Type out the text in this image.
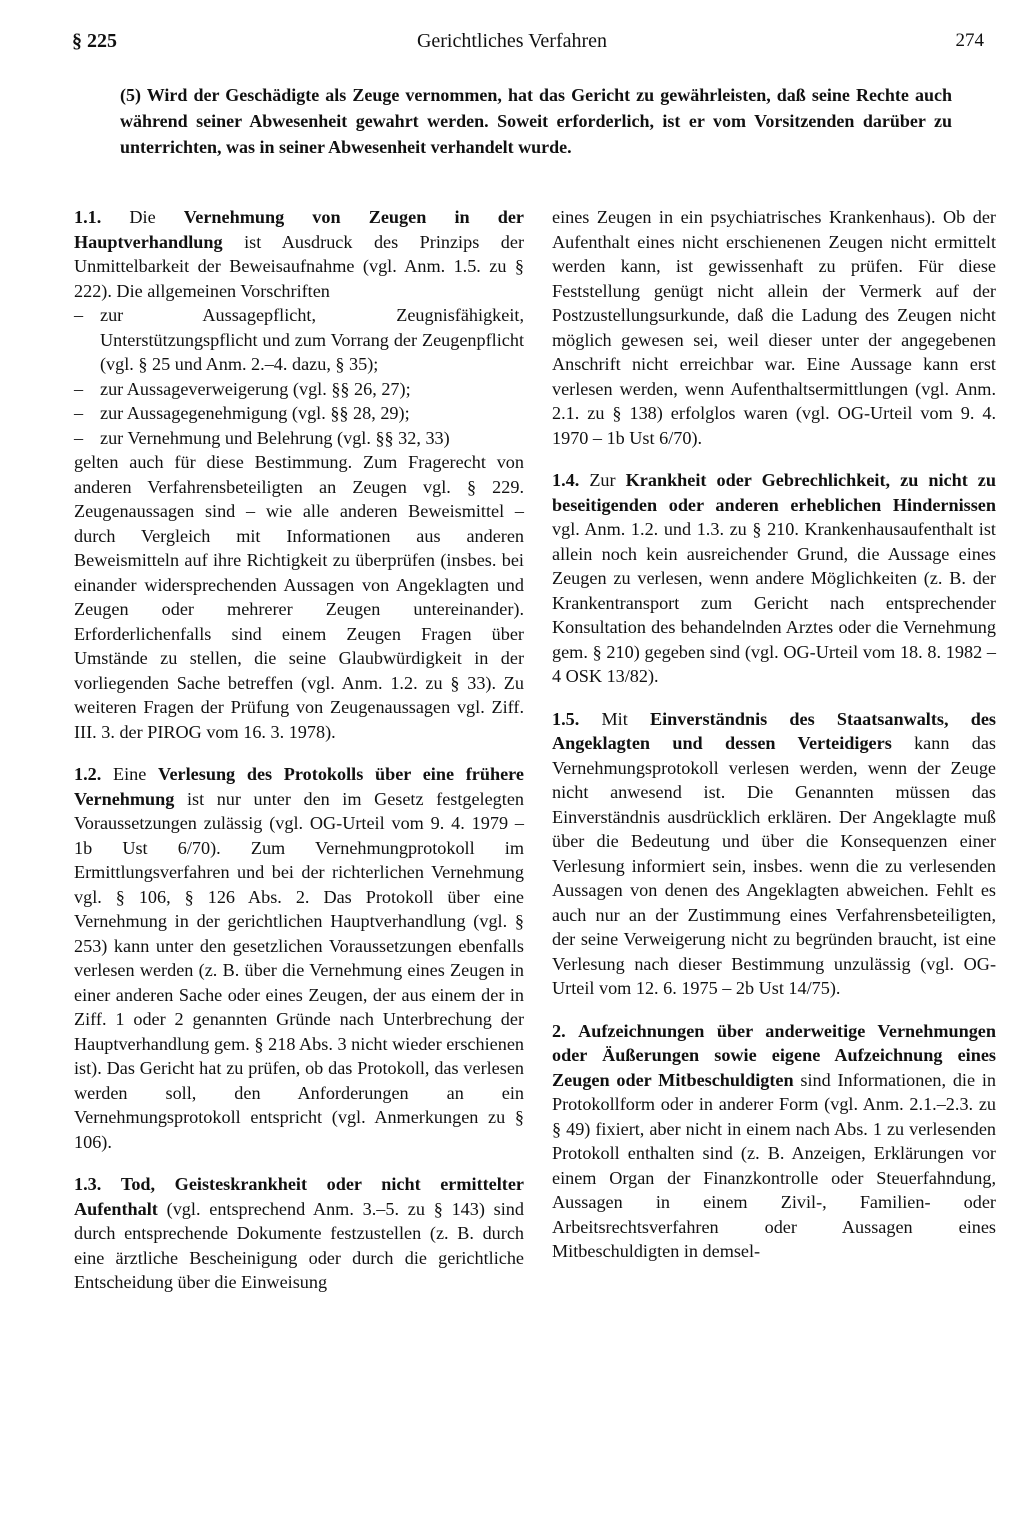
§ 225	Gerichtliches Verfahren	274
(5) Wird der Geschädigte als Zeuge vernommen, hat das Gericht zu gewährleisten, daß seine Rechte auch während seiner Abwesenheit gewahrt werden. Soweit erforderlich, ist er vom Vorsitzenden darüber zu unterrichten, was in seiner Abwesenheit verhandelt wurde.
1.1. Die Vernehmung von Zeugen in der Hauptverhandlung ist Ausdruck des Prinzips der Unmittelbarkeit der Beweisaufnahme (vgl. Anm. 1.5. zu § 222). Die allgemeinen Vorschriften
– zur Aussagepflicht, Zeugnisfähigkeit, Unterstützungspflicht und zum Vorrang der Zeugenpflicht (vgl. § 25 und Anm. 2.–4. dazu, § 35);
– zur Aussageverweigerung (vgl. §§ 26, 27);
– zur Aussagegenehmigung (vgl. §§ 28, 29);
– zur Vernehmung und Belehrung (vgl. §§ 32, 33)
gelten auch für diese Bestimmung. Zum Fragerecht von anderen Verfahrensbeteiligten an Zeugen vgl. § 229. Zeugenaussagen sind – wie alle anderen Beweismittel – durch Vergleich mit Informationen aus anderen Beweismitteln auf ihre Richtigkeit zu überprüfen (insbes. bei einander widersprechenden Aussagen von Angeklagten und Zeugen oder mehrerer Zeugen untereinander). Erforderlichenfalls sind einem Zeugen Fragen über Umstände zu stellen, die seine Glaubwürdigkeit in der vorliegenden Sache betreffen (vgl. Anm. 1.2. zu § 33). Zu weiteren Fragen der Prüfung von Zeugenaussagen vgl. Ziff. III. 3. der PIROG vom 16. 3. 1978).
1.2. Eine Verlesung des Protokolls über eine frühere Vernehmung ist nur unter den im Gesetz festgelegten Voraussetzungen zulässig (vgl. OG-Urteil vom 9. 4. 1979 – 1b Ust 6/70). Zum Vernehmungprotokoll im Ermittlungsverfahren und bei der richterlichen Vernehmung vgl. § 106, § 126 Abs. 2. Das Protokoll über eine Vernehmung in der gerichtlichen Hauptverhandlung (vgl. § 253) kann unter den gesetzlichen Voraussetzungen ebenfalls verlesen werden (z. B. über die Vernehmung eines Zeugen in einer anderen Sache oder eines Zeugen, der aus einem der in Ziff. 1 oder 2 genannten Gründe nach Unterbrechung der Hauptverhandlung gem. § 218 Abs. 3 nicht wieder erschienen ist). Das Gericht hat zu prüfen, ob das Protokoll, das verlesen werden soll, den Anforderungen an ein Vernehmungsprotokoll entspricht (vgl. Anmerkungen zu § 106).
1.3. Tod, Geisteskrankheit oder nicht ermittelter Aufenthalt (vgl. entsprechend Anm. 3.–5. zu § 143) sind durch entsprechende Dokumente festzustellen (z. B. durch eine ärztliche Bescheinigung oder durch die gerichtliche Entscheidung über die Einweisung
eines Zeugen in ein psychiatrisches Krankenhaus). Ob der Aufenthalt eines nicht erschienenen Zeugen nicht ermittelt werden kann, ist gewissenhaft zu prüfen. Für diese Feststellung genügt nicht allein der Vermerk auf der Postzustellungsurkunde, daß die Ladung des Zeugen nicht möglich gewesen sei, weil dieser unter der angegebenen Anschrift nicht erreichbar war. Eine Aussage kann erst verlesen werden, wenn Aufenthaltsermittlungen (vgl. Anm. 2.1. zu § 138) erfolglos waren (vgl. OG-Urteil vom 9. 4. 1970 – 1b Ust 6/70).
1.4. Zur Krankheit oder Gebrechlichkeit, zu nicht zu beseitigenden oder anderen erheblichen Hindernissen vgl. Anm. 1.2. und 1.3. zu § 210. Krankenhausaufenthalt ist allein noch kein ausreichender Grund, die Aussage eines Zeugen zu verlesen, wenn andere Möglichkeiten (z. B. der Krankentransport zum Gericht nach entsprechender Konsultation des behandelnden Arztes oder die Vernehmung gem. § 210) gegeben sind (vgl. OG-Urteil vom 18. 8. 1982 – 4 OSK 13/82).
1.5. Mit Einverständnis des Staatsanwalts, des Angeklagten und dessen Verteidigers kann das Vernehmungsprotokoll verlesen werden, wenn der Zeuge nicht anwesend ist. Die Genannten müssen das Einverständnis ausdrücklich erklären. Der Angeklagte muß über die Bedeutung und über die Konsequenzen einer Verlesung informiert sein, insbes. wenn die zu verlesenden Aussagen von denen des Angeklagten abweichen. Fehlt es auch nur an der Zustimmung eines Verfahrensbeteiligten, der seine Verweigerung nicht zu begründen braucht, ist eine Verlesung nach dieser Bestimmung unzulässig (vgl. OG-Urteil vom 12. 6. 1975 – 2b Ust 14/75).
2. Aufzeichnungen über anderweitige Vernehmungen oder Äußerungen sowie eigene Aufzeichnung eines Zeugen oder Mitbeschuldigten sind Informationen, die in Protokollform oder in anderer Form (vgl. Anm. 2.1.–2.3. zu § 49) fixiert, aber nicht in einem nach Abs. 1 zu verlesenden Protokoll enthalten sind (z. B. Anzeigen, Erklärungen vor einem Organ der Finanzkontrolle oder Steuerfahndung, Aussagen in einem Zivil-, Familien- oder Arbeitsrechtsverfahren oder Aussagen eines Mitbeschuldigten in demsel-
